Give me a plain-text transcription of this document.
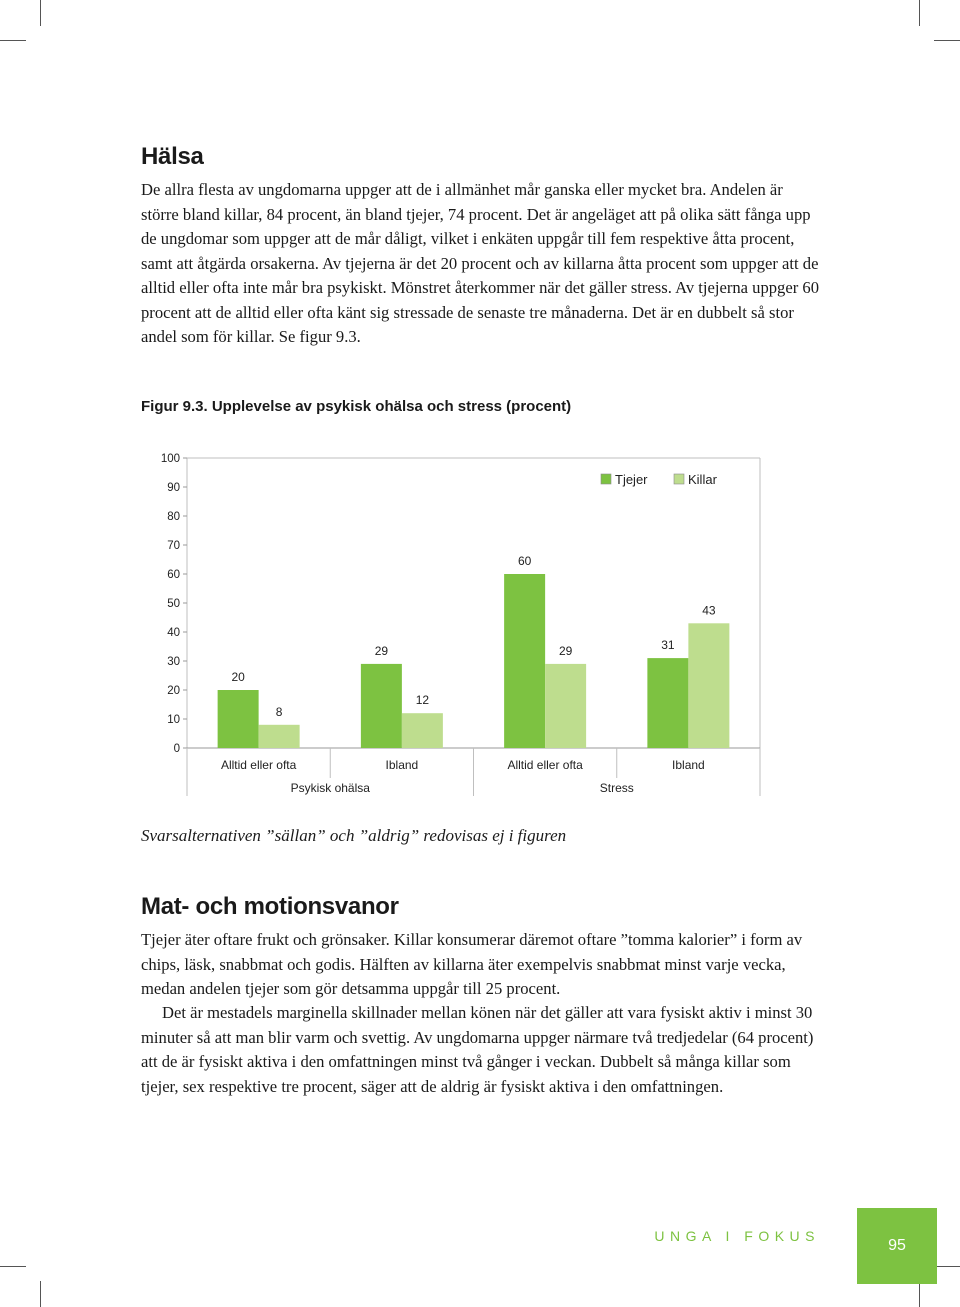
Hälsa

De allra flesta av ungdomarna uppger att de i allmänhet mår ganska eller mycket bra. Andelen är större bland killar, 84 procent, än bland tjejer, 74 procent. Det är angeläget att på olika sätt fånga upp de ungdomar som uppger att de mår dåligt, vilket i enkäten uppgår till fem respektive åtta procent, samt att åtgärda orsakerna. Av tjejerna är det 20 procent och av killarna åtta procent som uppger att de alltid eller ofta inte mår bra psykiskt. Mönstret återkommer när det gäller stress. Av tjejerna uppger 60 procent att de alltid eller ofta känt sig stressade de senaste tre månaderna. Det är en dubbelt så stor andel som för killar. Se figur 9.3.

Figur 9.3. Upplevelse av psykisk ohälsa och stress (procent)

0
10
20
30
40
50
60
70
80
90
100
20
8
Alltid eller ofta
29
12
Ibland
60
29
Alltid eller ofta
31
43
Ibland
Psykisk ohälsa	Stress
Tjejer	Killar

Svarsalternativen ”sällan” och ”aldrig” redovisas ej i figuren

Mat- och motionsvanor

Tjejer äter oftare frukt och grönsaker. Killar konsumerar däremot oftare ”tomma kalorier” i form av chips, läsk, snabbmat och godis. Hälften av killarna äter exempelvis snabbmat minst varje vecka, medan andelen tjejer som gör detsamma uppgår till 25 procent.

Det är mestadels marginella skillnader mellan könen när det gäller att vara fysiskt aktiv i minst 30 minuter så att man blir varm och svettig. Av ungdomarna uppger närmare två tredjedelar (64 procent) att de är fysiskt aktiva i den omfattningen minst två gånger i veckan. Dubbelt så många killar som tjejer, sex respektive tre procent, säger att de aldrig är fysiskt aktiva i den omfattningen.

UNGA I FOKUS
95
